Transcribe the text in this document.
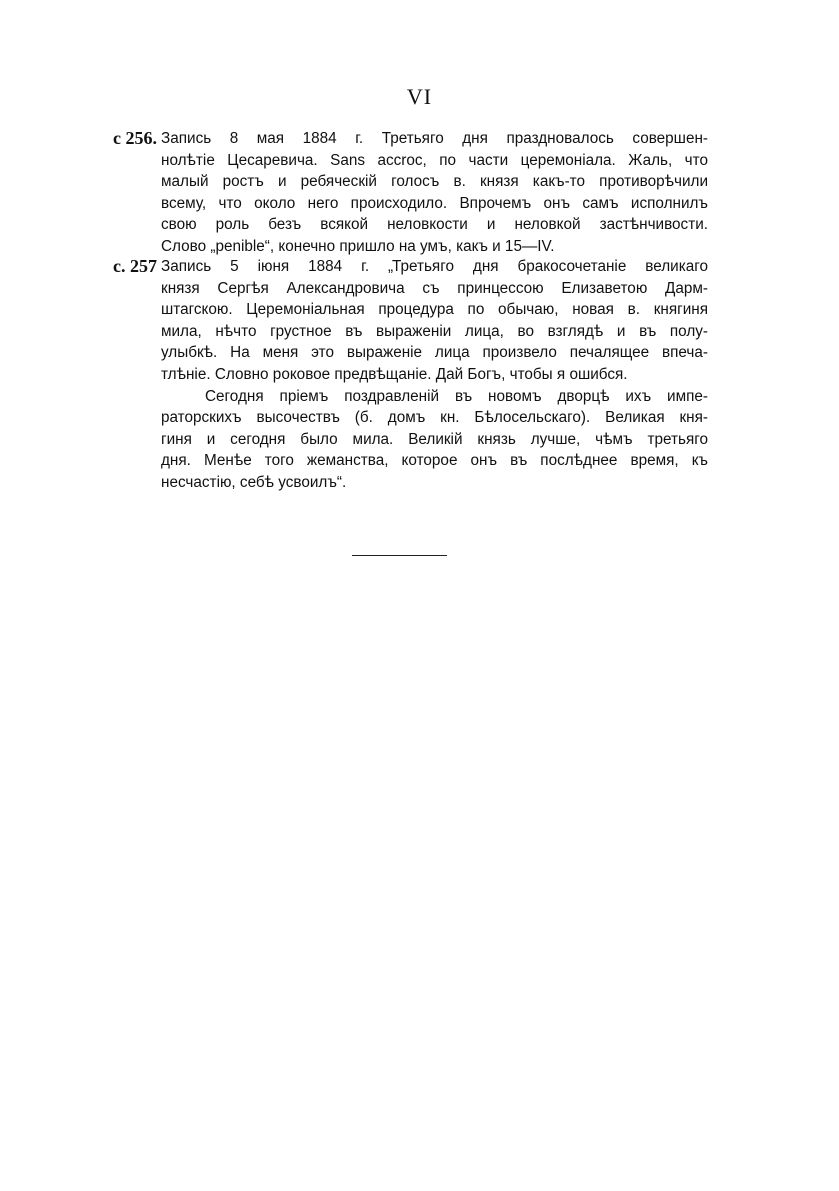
VI
с 256. Запись 8 мая 1884 г. Третьяго дня праздновалось совершен-
нолѣтіе Цесаревича. Sans accroc, по части церемоніала. Жаль, что
малый ростъ и ребяческій голосъ в. князя какъ-то противорѣчили
всему, что около него происходило. Впрочемъ онъ самъ исполнилъ
свою роль безъ всякой неловкости и неловкой застѣнчивости.
Слово „penible“, конечно пришло на умъ, какъ и 15—IV.
с. 257 Запись 5 іюня 1884 г. „Третьяго дня бракосочетаніе великаго
князя Сергѣя Александровича съ принцессою Елизаветою Дарм-
штагскою. Церемоніальная процедура по обычаю, новая в. княгиня
мила, нѣчто грустное въ выраженіи лица, во взглядѣ и въ полу-
улыбкѣ. На меня это выраженіе лица произвело печалящее впеча-
тлѣніе. Словно роковое предвѣщаніе. Дай Богъ, чтобы я ошибся.
Сегодня пріемъ поздравленій въ новомъ дворцѣ ихъ импе-
раторскихъ высочествъ (б. домъ кн. Бѣлосельскаго). Великая кня-
гиня и сегодня было мила. Великій князь лучше, чѣмъ третьяго
дня. Менѣе того жеманства, которое онъ въ послѣднее время, къ
несчастію, себѣ усвоилъ“.
